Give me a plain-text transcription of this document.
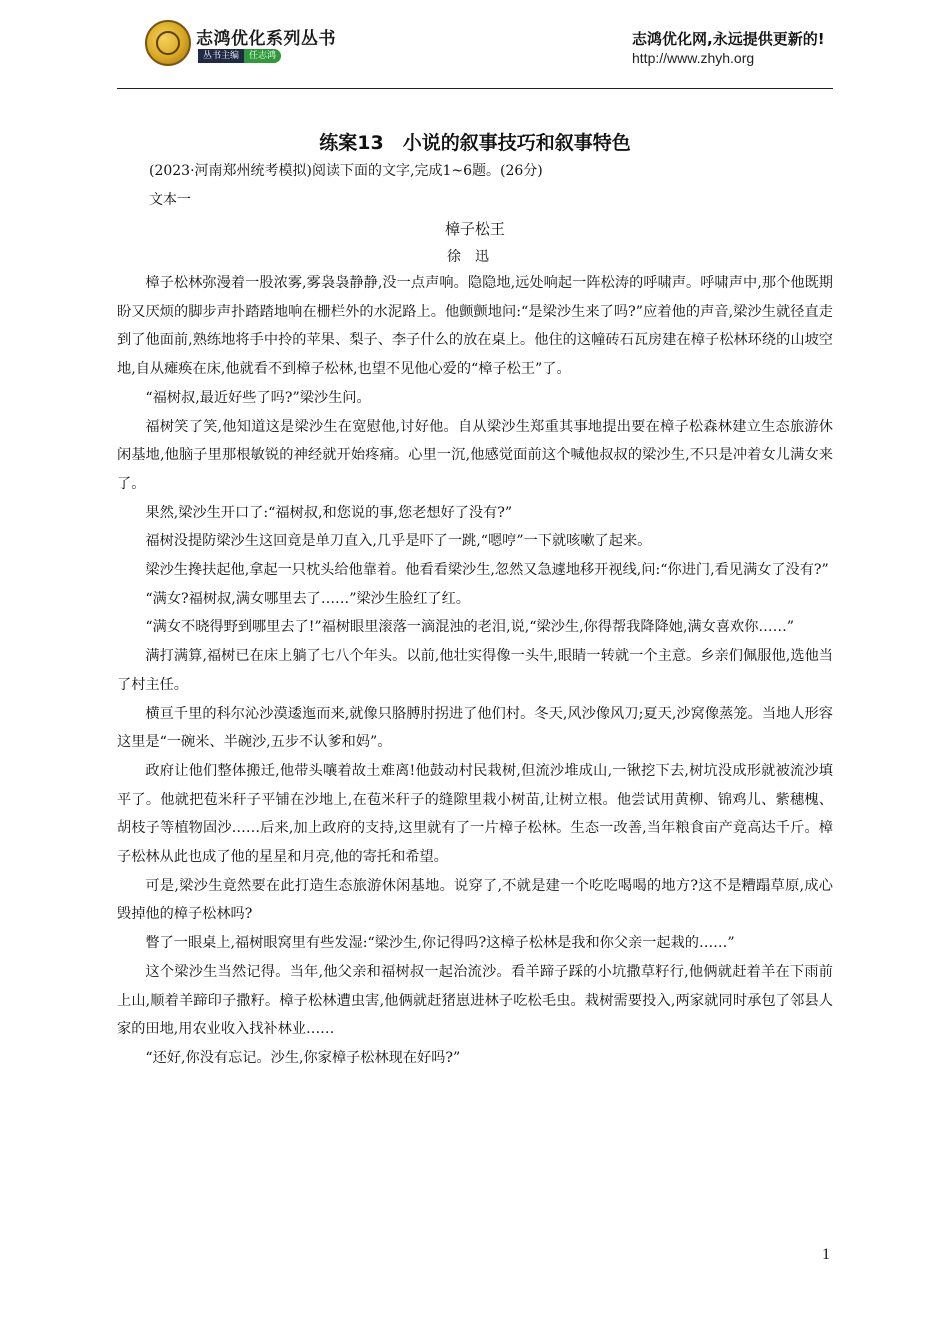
志鸿优化系列丛书
丛书主编	任志鸿
志鸿优化网,永远提供更新的!
http://www.zhyh.org
练案13　小说的叙事技巧和叙事特色
(2023·河南郑州统考模拟)阅读下面的文字,完成1~6题。(26分)
文本一
樟子松王
徐迅

樟子松林弥漫着一股浓雾,雾袅袅静静,没一点声响。隐隐地,远处响起一阵松涛的呼啸声。呼啸声中,那个他既期盼又厌烦的脚步声扑踏踏地响在栅栏外的水泥路上。他颤颤地问:“是梁沙生来了吗?”应着他的声音,梁沙生就径直走到了他面前,熟练地将手中拎的苹果、梨子、李子什么的放在桌上。他住的这幢砖石瓦房建在樟子松林环绕的山坡空地,自从瘫痪在床,他就看不到樟子松林,也望不见他心爱的“樟子松王”了。

“福树叔,最近好些了吗?”梁沙生问。

福树笑了笑,他知道这是梁沙生在宽慰他,讨好他。自从梁沙生郑重其事地提出要在樟子松森林建立生态旅游休闲基地,他脑子里那根敏锐的神经就开始疼痛。心里一沉,他感觉面前这个喊他叔叔的梁沙生,不只是冲着女儿满女来了。

果然,梁沙生开口了:“福树叔,和您说的事,您老想好了没有?”

福树没提防梁沙生这回竟是单刀直入,几乎是吓了一跳,“嗯哼”一下就咳嗽了起来。

梁沙生搀扶起他,拿起一只枕头给他靠着。他看看梁沙生,忽然又急遽地移开视线,问:“你进门,看见满女了没有?”

“满女?福树叔,满女哪里去了……”梁沙生脸红了红。

“满女不晓得野到哪里去了!”福树眼里滚落一滴混浊的老泪,说,“梁沙生,你得帮我降降她,满女喜欢你……”

满打满算,福树已在床上躺了七八个年头。以前,他壮实得像一头牛,眼睛一转就一个主意。乡亲们佩服他,选他当了村主任。

横亘千里的科尔沁沙漠逶迤而来,就像只胳膊肘拐进了他们村。冬天,风沙像风刀;夏天,沙窝像蒸笼。当地人形容这里是“一碗米、半碗沙,五步不认爹和妈”。

政府让他们整体搬迁,他带头嚷着故土难离!他鼓动村民栽树,但流沙堆成山,一锹挖下去,树坑没成形就被流沙填平了。他就把苞米秆子平铺在沙地上,在苞米秆子的缝隙里栽小树苗,让树立根。他尝试用黄柳、锦鸡儿、紫穗槐、胡枝子等植物固沙……后来,加上政府的支持,这里就有了一片樟子松林。生态一改善,当年粮食亩产竟高达千斤。樟子松林从此也成了他的星星和月亮,他的寄托和希望。

可是,梁沙生竟然要在此打造生态旅游休闲基地。说穿了,不就是建一个吃吃喝喝的地方?这不是糟蹋草原,成心毁掉他的樟子松林吗?

瞥了一眼桌上,福树眼窝里有些发湿:“梁沙生,你记得吗?这樟子松林是我和你父亲一起栽的……”

这个梁沙生当然记得。当年,他父亲和福树叔一起治流沙。看羊蹄子踩的小坑撒草籽行,他俩就赶着羊在下雨前上山,顺着羊蹄印子撒籽。樟子松林遭虫害,他俩就赶猪崽进林子吃松毛虫。栽树需要投入,两家就同时承包了邻县人家的田地,用农业收入找补林业……

“还好,你没有忘记。沙生,你家樟子松林现在好吗?”

1
